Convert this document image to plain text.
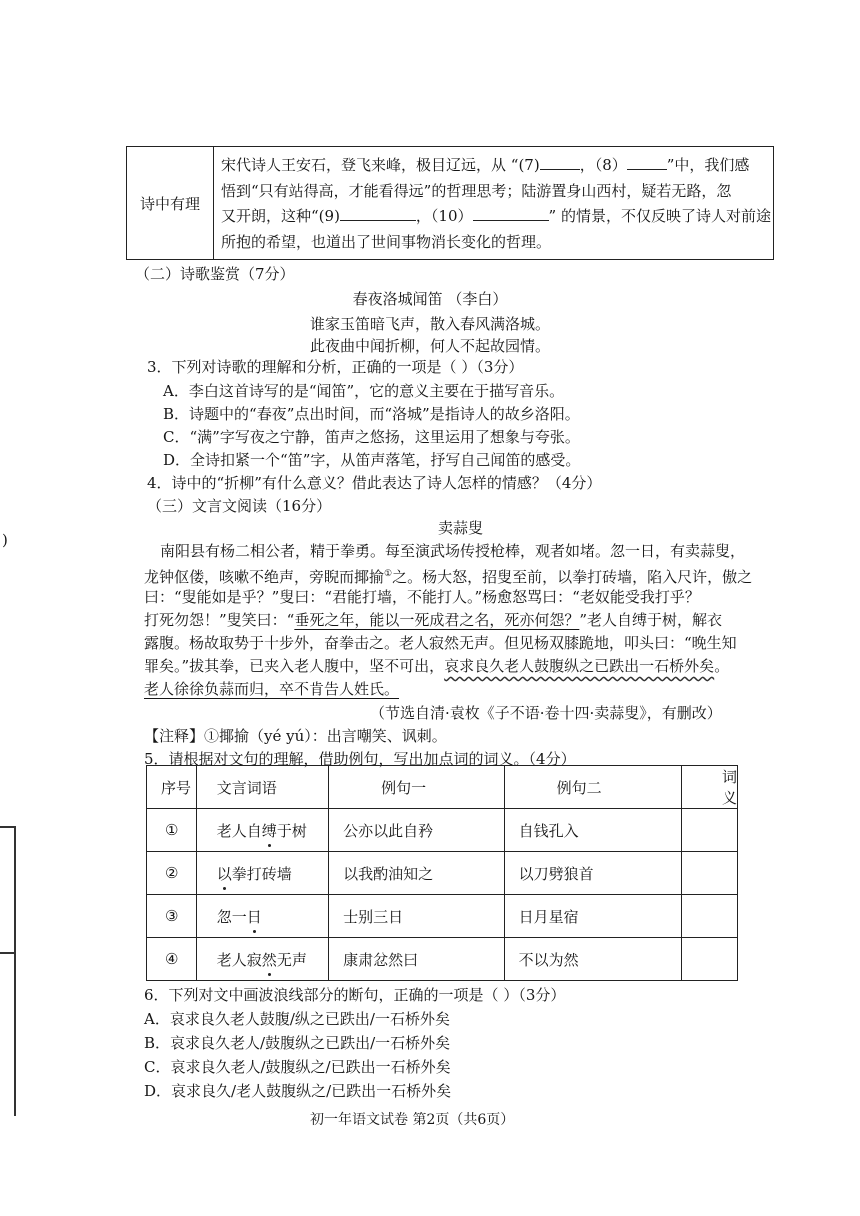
诗中有理	
宋代诗人王安石，登飞来峰，极目辽远，从 “(7)	，（8）	”中，我们感
悟到“只有站得高，才能看得远”的哲理思考；陆游置身山西村，疑若无路，忽
又开朗，这种“(9)	，（10）	” 的情景，不仅反映了诗人对前途
所抱的希望，也道出了世间事物消长变化的哲理。
（二）诗歌鉴赏（7分）
春夜洛城闻笛 （李白）
谁家玉笛暗飞声，散入春风满洛城。
此夜曲中闻折柳，何人不起故园情。
3．下列对诗歌的理解和分析，正确的一项是（ ）（3分）
A．李白这首诗写的是“闻笛”，它的意义主要在于描写音乐。
B．诗题中的“春夜”点出时间，而“洛城”是指诗人的故乡洛阳。
C．“满”字写夜之宁静，笛声之悠扬，这里运用了想象与夸张。
D．全诗扣紧一个“笛”字，从笛声落笔，抒写自己闻笛的感受。
4．诗中的“折柳”有什么意义？借此表达了诗人怎样的情感？（4分）
（三）文言文阅读（16分）
卖蒜叟
南阳县有杨二相公者，精于拳勇。每至演武场传授枪棒，观者如堵。忽一日，有卖蒜叟，
龙钟伛偻，咳嗽不绝声，旁睨而揶揄①之。杨大怒，招叟至前，以拳打砖墙，陷入尺许，傲之
曰：“叟能如是乎？”叟曰：“君能打墙，不能打人。”杨愈怒骂曰：“老奴能受我打乎？
打死勿怨！”叟笑曰：“垂死之年，能以一死成君之名，死亦何怨？”老人自缚于树，解衣
露腹。杨故取势于十步外，奋拳击之。老人寂然无声。但见杨双膝跪地，叩头曰：“晚生知
罪矣。”拔其拳，已夹入老人腹中，坚不可出，哀求良久老人鼓腹纵之已跌出一石桥外矣。
老人徐徐负蒜而归，卒不肯告人姓氏。
（节选自清·袁枚《子不语·卷十四·卖蒜叟》，有删改）
【注释】①揶揄（yé yú）：出言嘲笑、讽刺。
5．请根据对文句的理解，借助例句，写出加点词的词义。（4分）
序号	文言词语	例句一	例句二	词义
①	老人自缚于树	公亦以此自矜	自钱孔入	
②	以拳打砖墙	以我酌油知之	以刀劈狼首	
③	忽一日	士别三日	日月星宿	
④	老人寂然无声	康肃忿然曰	不以为然	
6．下列对文中画波浪线部分的断句，正确的一项是（ ）（3分）
A．哀求良久老人鼓腹/纵之已跌出/一石桥外矣
B．哀求良久老人/鼓腹纵之已跌出/一石桥外矣
C．哀求良久老人/鼓腹纵之/已跌出一石桥外矣
D．哀求良久/老人鼓腹纵之/已跌出一石桥外矣
初一年语文试卷 第2页（共6页）
)
